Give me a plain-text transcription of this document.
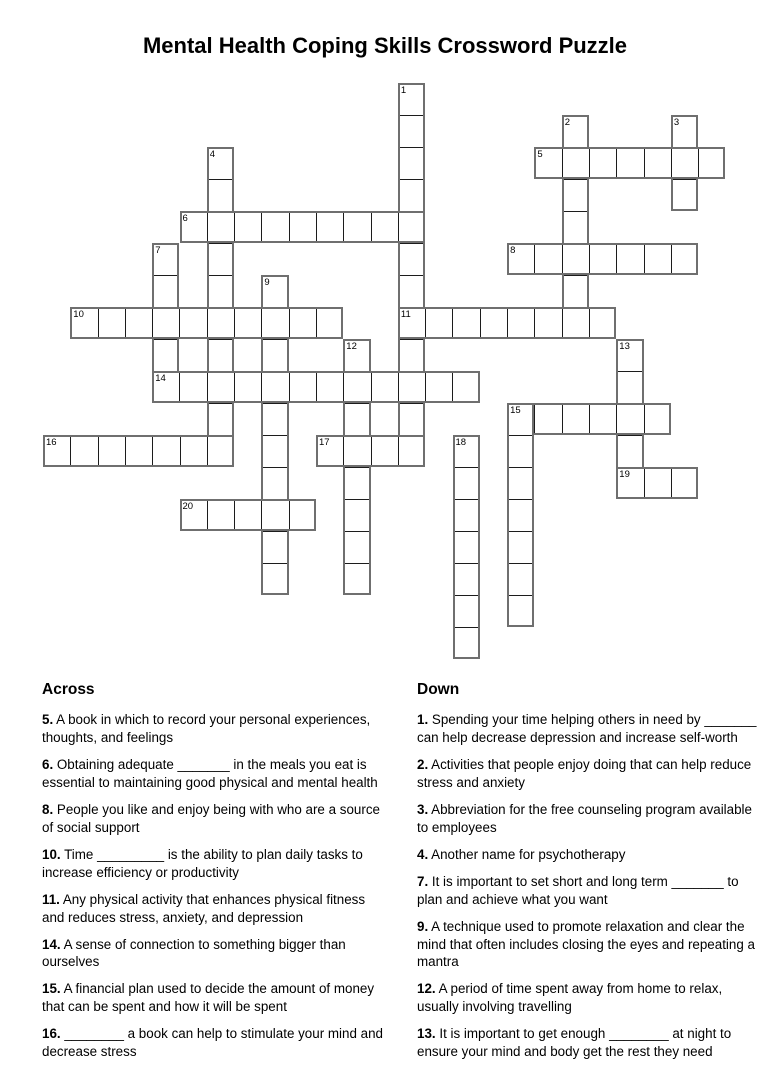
Mental Health Coping Skills Crossword Puzzle
1
2	3
4	5
6
7	8
9
10	11
12	13
14
15
16	17	18
19
20
Across

5. A book in which to record your personal experiences, thoughts, and feelings

6. Obtaining adequate _______ in the meals you eat is essential to maintaining good physical and mental health

8. People you like and enjoy being with who are a source of social support

10. Time _________ is the ability to plan daily tasks to increase efficiency or productivity

11. Any physical activity that enhances physical fitness and reduces stress, anxiety, and depression

14. A sense of connection to something bigger than ourselves

15. A financial plan used to decide the amount of money that can be spent and how it will be spent

16. ________ a book can help to stimulate your mind and decrease stress

Down

1. Spending your time helping others in need by _______ can help decrease depression and increase self-worth

2. Activities that people enjoy doing that can help reduce stress and anxiety

3. Abbreviation for the free counseling program available to employees

4. Another name for psychotherapy

7. It is important to set short and long term _______ to plan and achieve what you want

9. A technique used to promote relaxation and clear the mind that often includes closing the eyes and repeating a mantra

12. A period of time spent away from home to relax, usually involving travelling

13. It is important to get enough ________ at night to ensure your mind and body get the rest they need
